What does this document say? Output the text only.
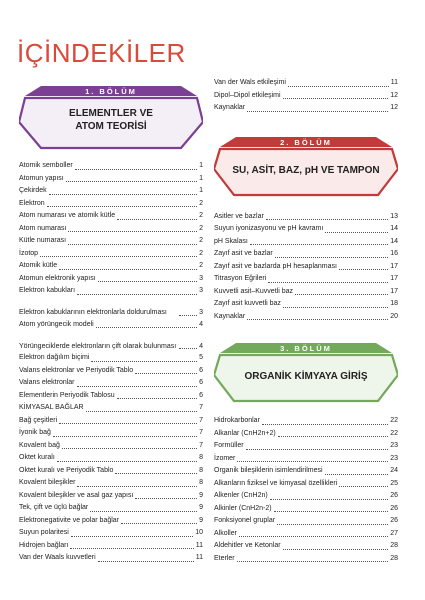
İÇİNDEKİLER
1. BÖLÜM
ELEMENTLER VE ATOM TEORİSİ
Atomik semboller	1
Atomun yapısı	1
Çekirdek	1
Elektron	2
Atom numarası ve atomik kütle	2
Atom numarası	2
Kütle numarası	2
İzotop	2
Atomik kütle	2
Atomun elektronik yapısı	3
Elektron kabukları	3
Elektron kabuklarının elektronlarla doldurulması	3
Atom yörüngecik modeli	4
Yörüngeciklerde elektronların çift olarak bulunması	4
Elektron dağılım biçimi	5
Valans elektronlar ve Periyodik Tablo	6
Valans elektronlar	6
Elementlerin Periyodik Tablosu	6
KİMYASAL BAĞLAR	7
Bağ çeşitleri	7
İyonik bağ	7
Kovalent bağ	7
Oktet kuralı	8
Oktet kuralı ve Periyodik Tablo	8
Kovalent bileşikler	8
Kovalent bileşikler ve asal gaz yapısı	9
Tek, çift ve üçlü bağlar	9
Elektronegativite ve polar bağlar	9
Suyun polaritesi	10
Hidrojen bağları	11
Van der Waals kuvvetleri	11
Van der Wals etkileşimi	11
Dipol–Dipol etkileşimi	12
Kaynaklar	12
2. BÖLÜM
SU, ASİT, BAZ, pH VE TAMPON
Asitler ve bazlar	13
Suyun iyonizasyonu ve pH kavramı	14
pH Skalası	14
Zayıf asit ve bazlar	16
Zayıf asit ve bazlarda pH hesaplanması	17
Titrasyon Eğrileri	17
Kuvvetli asit–Kuvvetli baz	17
Zayıf asit kuvvetli baz	18
Kaynaklar	20
3. BÖLÜM
ORGANİK KİMYAYA GİRİŞ
Hidrokarbonlar	22
Alkanlar (CnH2n+2)	22
Formüller	23
İzomer	23
Organik bileşiklerin isimlendirilmesi	24
Alkanların fiziksel ve kimyasal özellikleri	25
Alkenler (CnH2n)	26
Alkinler (CnH2n-2)	26
Fonksiyonel gruplar	26
Alkoller	27
Aldehitler ve Ketonlar	28
Eterler	28
